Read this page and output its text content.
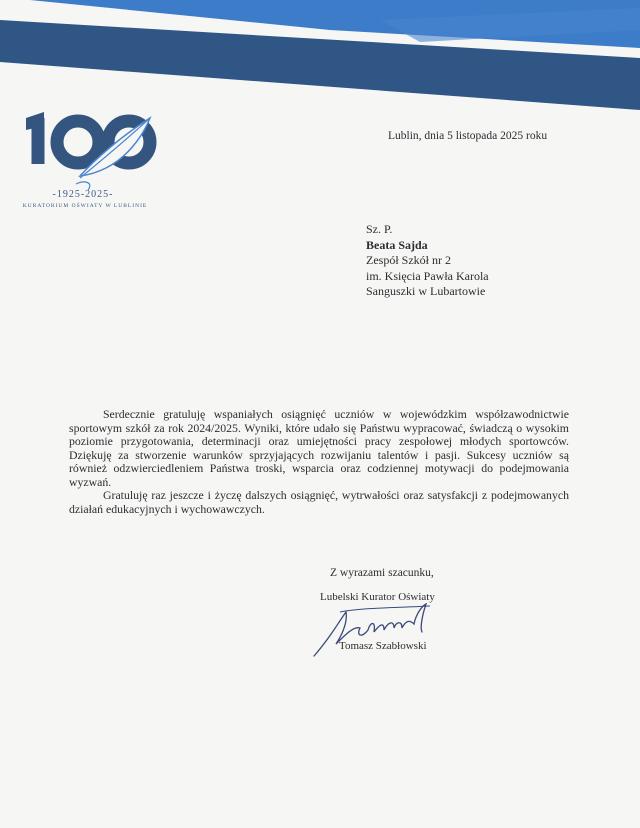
-1925-2025-
KURATORIUM OŚWIATY W LUBLINIE
Lublin, dnia 5 listopada 2025 roku
Sz. P.
Beata Sajda
Zespół Szkół nr 2
im. Księcia Pawła Karola
Sanguszki w Lubartowie

Serdecznie gratuluję wspaniałych osiągnięć uczniów w wojewódzkim współzawodnictwie sportowym szkół za rok 2024/2025. Wyniki, które udało się Państwu wypracować, świadczą o wysokim poziomie przygotowania, determinacji oraz umiejętności pracy zespołowej młodych sportowców. Dziękuję za stworzenie warunków sprzyjających rozwijaniu talentów i pasji. Sukcesy uczniów są również odzwierciedleniem Państwa troski, wsparcia oraz codziennej motywacji do podejmowania wyzwań.

Gratuluję raz jeszcze i życzę dalszych osiągnięć, wytrwałości oraz satysfakcji z podejmowanych działań edukacyjnych i wychowawczych.

Z wyrazami szacunku,
Lubelski Kurator Oświaty
Tomasz Szabłowski
